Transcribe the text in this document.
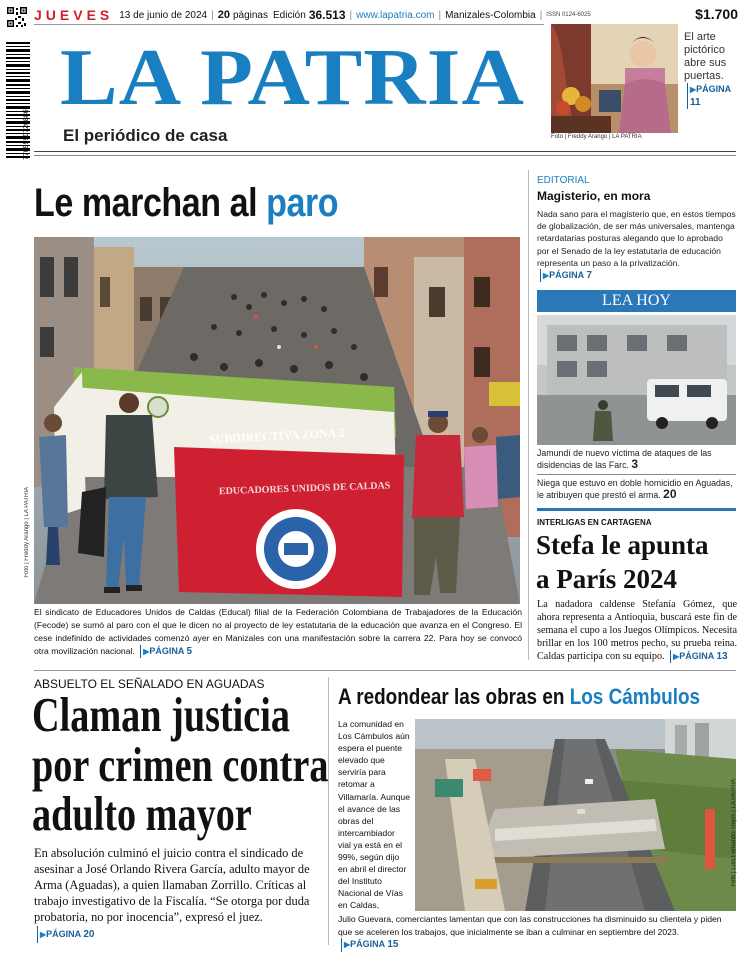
7709990726886
JUEVES 13 de junio de 2024 | 20 páginas Edición 36.513 | www.lapatria.com | Manizales-Colombia | ISSN 0124-6025	$1.700
LA PATRIA
El periódico de casa	Foto | Freddy Arango | LA PATRIA
El arte pictórico abre sus puertas. ▶PÁGINA 11
Le marchan al paro
SUBDIRECTIVA ZONA 2
EDUCADORES UNIDOS DE CALDAS
Foto | Freddy Arango | LA PATRIA
El sindicato de Educadores Unidos de Caldas (Educal) filial de la Federación Colombiana de Trabajadores de la Educación (Fecode) se sumó al paro con el que le dicen no al proyecto de ley estatutaria de la educación que avanza en el Congreso. El cese indefinido de actividades comenzó ayer en Manizales con una manifestación sobre la carrera 22. Para hoy se convocó otra movilización nacional. ▶PÁGINA 5
EDITORIAL
Magisterio, en mora
Nada sano para el magisterio que, en estos tiempos de globalización, de ser más universales, mantenga retardatarias posturas alegando que lo aprobado por el Senado de la ley estatutaria de educación representa un paso a la privatización. ▶PÁGINA 7
LEA HOY
Jamundí de nuevo víctima de ataques de las disidencias de las Farc. 3
Niega que estuvo en doble homicidio en Aguadas, le atribuyen que prestó el arma. 20
INTERLIGAS EN CARTAGENA
Stefa le apunta
a París 2024
La nadadora caldense Stefanía Gómez, que ahora representa a Antioquia, buscará este fin de semana el cupo a los Juegos Olímpicos. Necesita brillar en los 100 metros pecho, su prueba reina. Caldas participa con su equipo. ▶PÁGINA 13
ABSUELTO EL SEÑALADO EN AGUADAS
Claman justicia
por crimen contra
adulto mayor
En absolución culminó el juicio contra el sindicado de asesinar a José Orlando Rivera García, adulto mayor de Arma (Aguadas), a quien llamaban Zorrillo. Críticas al trabajo investigativo de la Fiscalía. “Se otorga por duda probatoria, no por inocencia”, expresó el juez. ▶PÁGINA 20
A redondear las obras en Los Cámbulos
La comunidad en Los Cámbulos aún espera el puente elevado que serviría para retomar a Villamaría. Aunque el avance de las obras del intercambiador vial ya está en el 99%, según dijo en abril el director del Instituto Nacional de Vías en Caldas,
Foto | Luis Fernando Trejos | LA PATRIA
Julio Guevara, comerciantes lamentan que con las construcciones ha disminuido su clientela y piden que se aceleren los trabajos, que inicialmente se iban a culminar en septiembre del 2023. ▶PÁGINA 15
